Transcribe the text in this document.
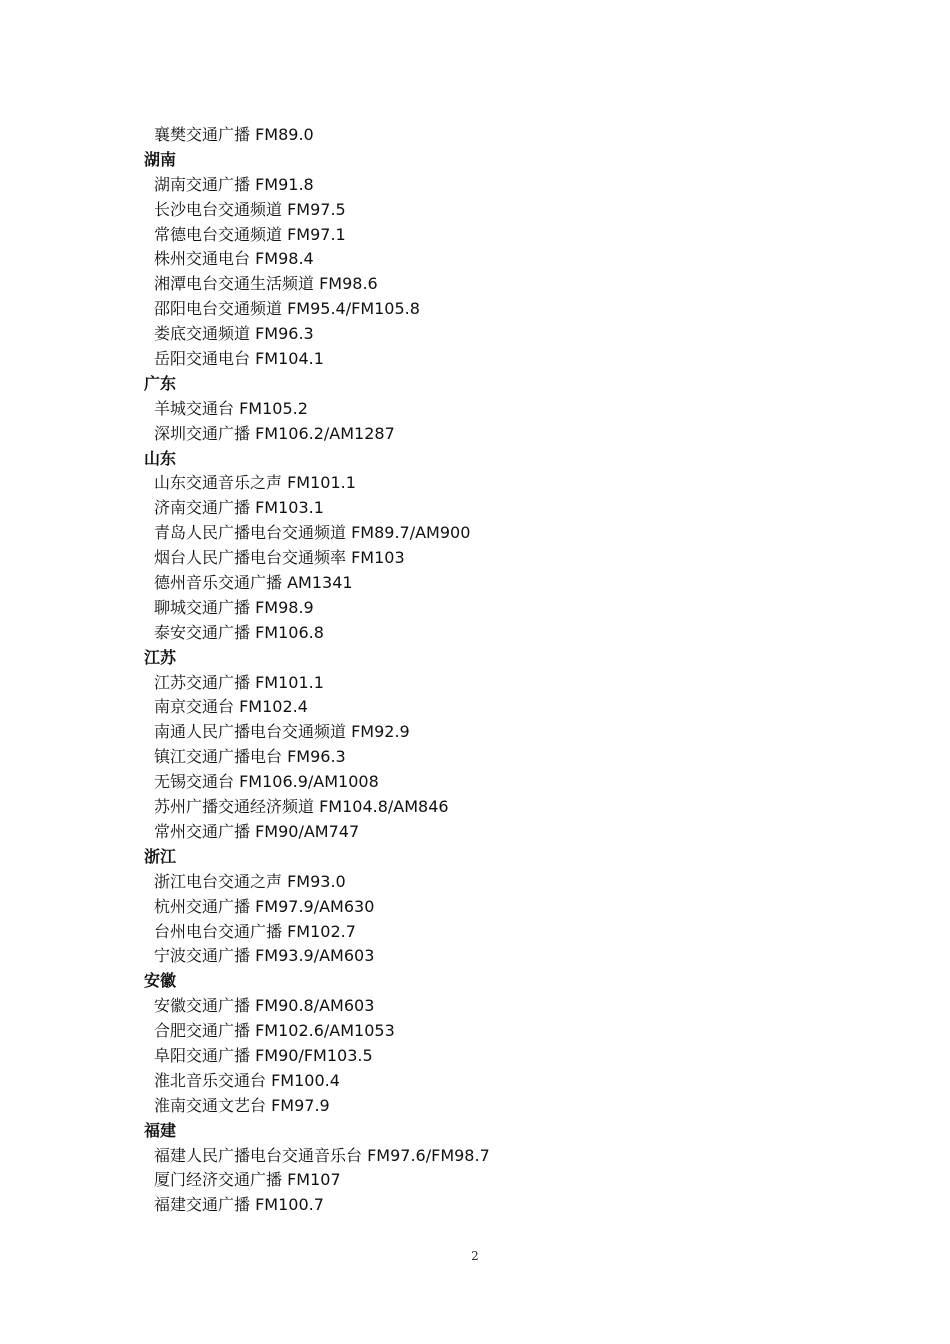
襄樊交通广播 FM89.0
湖南
湖南交通广播 FM91.8
长沙电台交通频道 FM97.5
常德电台交通频道 FM97.1
株州交通电台 FM98.4
湘潭电台交通生活频道 FM98.6
邵阳电台交通频道 FM95.4/FM105.8
娄底交通频道 FM96.3
岳阳交通电台 FM104.1
广东
羊城交通台 FM105.2
深圳交通广播 FM106.2/AM1287
山东
山东交通音乐之声 FM101.1
济南交通广播 FM103.1
青岛人民广播电台交通频道 FM89.7/AM900
烟台人民广播电台交通频率 FM103
德州音乐交通广播 AM1341
聊城交通广播 FM98.9
泰安交通广播 FM106.8
江苏
江苏交通广播 FM101.1
南京交通台 FM102.4
南通人民广播电台交通频道 FM92.9
镇江交通广播电台 FM96.3
无锡交通台 FM106.9/AM1008
苏州广播交通经济频道 FM104.8/AM846
常州交通广播 FM90/AM747
浙江
浙江电台交通之声 FM93.0
杭州交通广播 FM97.9/AM630
台州电台交通广播 FM102.7
宁波交通广播 FM93.9/AM603
安徽
安徽交通广播 FM90.8/AM603
合肥交通广播 FM102.6/AM1053
阜阳交通广播 FM90/FM103.5
淮北音乐交通台 FM100.4
淮南交通文艺台 FM97.9
福建
福建人民广播电台交通音乐台 FM97.6/FM98.7
厦门经济交通广播 FM107
福建交通广播 FM100.7
2
